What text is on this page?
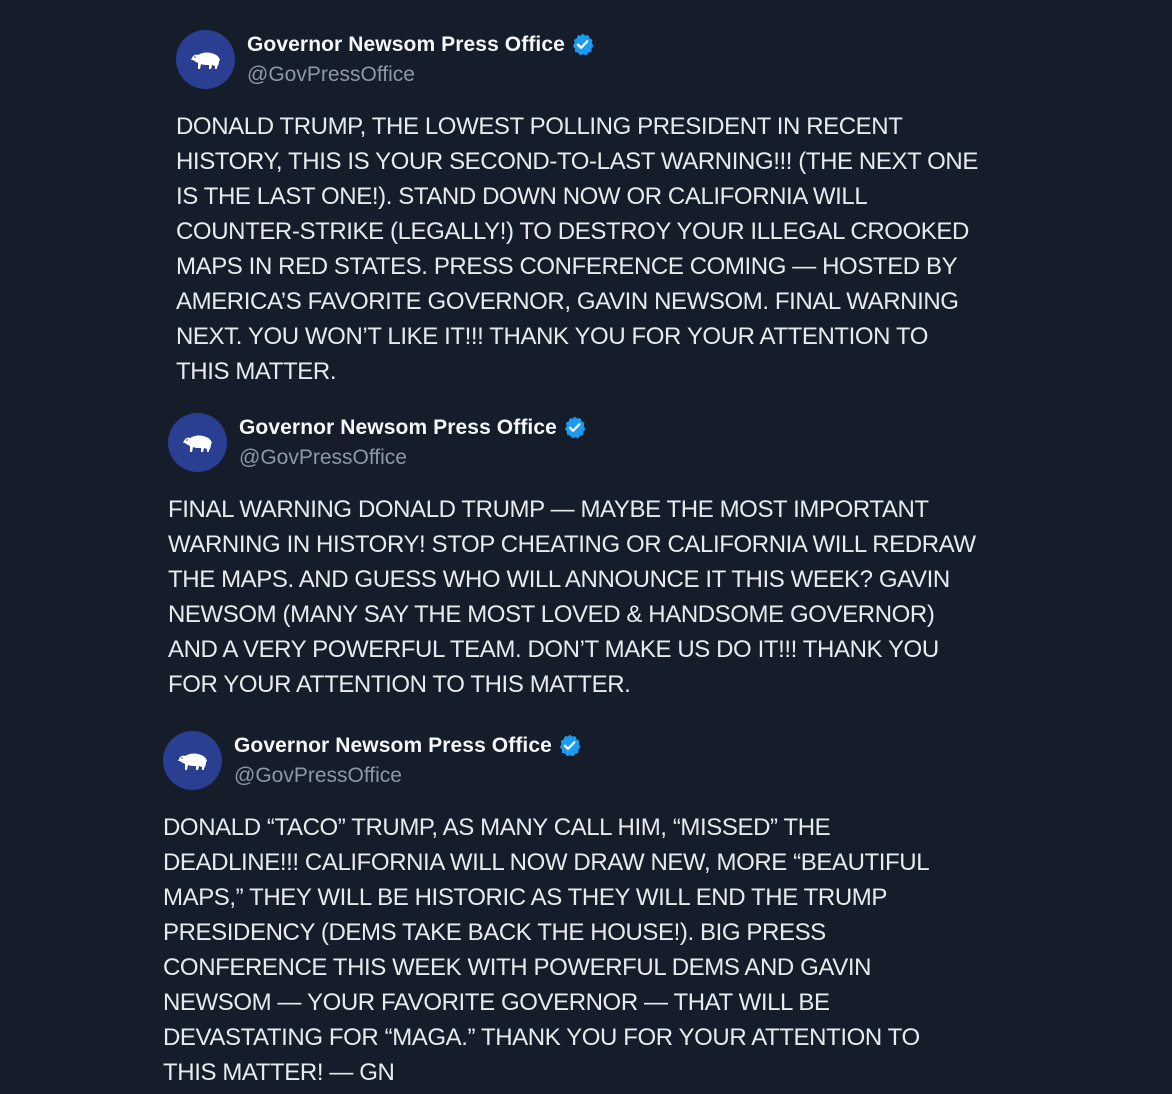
Governor Newsom Press Office
@GovPressOffice
DONALD TRUMP, THE LOWEST POLLING PRESIDENT IN RECENT
HISTORY, THIS IS YOUR SECOND-TO-LAST WARNING!!! (THE NEXT ONE
IS THE LAST ONE!). STAND DOWN NOW OR CALIFORNIA WILL
COUNTER-STRIKE (LEGALLY!) TO DESTROY YOUR ILLEGAL CROOKED
MAPS IN RED STATES. PRESS CONFERENCE COMING — HOSTED BY
AMERICA’S FAVORITE GOVERNOR, GAVIN NEWSOM. FINAL WARNING
NEXT. YOU WON’T LIKE IT!!! THANK YOU FOR YOUR ATTENTION TO
THIS MATTER.
Governor Newsom Press Office
@GovPressOffice
FINAL WARNING DONALD TRUMP — MAYBE THE MOST IMPORTANT
WARNING IN HISTORY! STOP CHEATING OR CALIFORNIA WILL REDRAW
THE MAPS. AND GUESS WHO WILL ANNOUNCE IT THIS WEEK? GAVIN
NEWSOM (MANY SAY THE MOST LOVED & HANDSOME GOVERNOR)
AND A VERY POWERFUL TEAM. DON’T MAKE US DO IT!!! THANK YOU
FOR YOUR ATTENTION TO THIS MATTER.
Governor Newsom Press Office
@GovPressOffice
DONALD “TACO” TRUMP, AS MANY CALL HIM, “MISSED” THE
DEADLINE!!! CALIFORNIA WILL NOW DRAW NEW, MORE “BEAUTIFUL
MAPS,” THEY WILL BE HISTORIC AS THEY WILL END THE TRUMP
PRESIDENCY (DEMS TAKE BACK THE HOUSE!). BIG PRESS
CONFERENCE THIS WEEK WITH POWERFUL DEMS AND GAVIN
NEWSOM — YOUR FAVORITE GOVERNOR — THAT WILL BE
DEVASTATING FOR “MAGA.” THANK YOU FOR YOUR ATTENTION TO
THIS MATTER! — GN
